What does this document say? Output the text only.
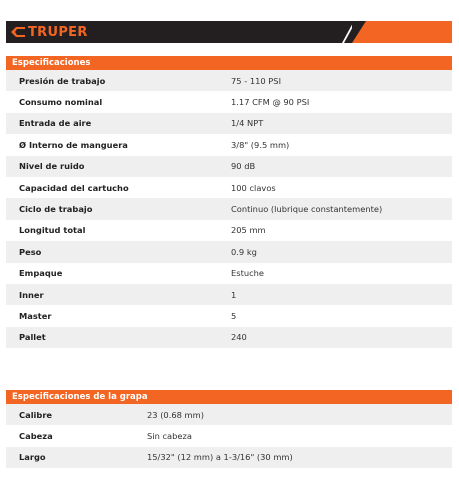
TRUPER
Especificaciones
Presión de trabajo	75 - 110 PSI
Consumo nominal	1.17 CFM @ 90 PSI
Entrada de aire	1/4 NPT
Ø Interno de manguera	3/8" (9.5 mm)
Nivel de ruido	90 dB
Capacidad del cartucho	100 clavos
Ciclo de trabajo	Continuo (lubrique constantemente)
Longitud total	205 mm
Peso	0.9 kg
Empaque	Estuche
Inner	1
Master	5
Pallet	240
Especificaciones de la grapa
Calibre	23 (0.68 mm)
Cabeza	Sin cabeza
Largo	15/32" (12 mm) a 1-3/16" (30 mm)
